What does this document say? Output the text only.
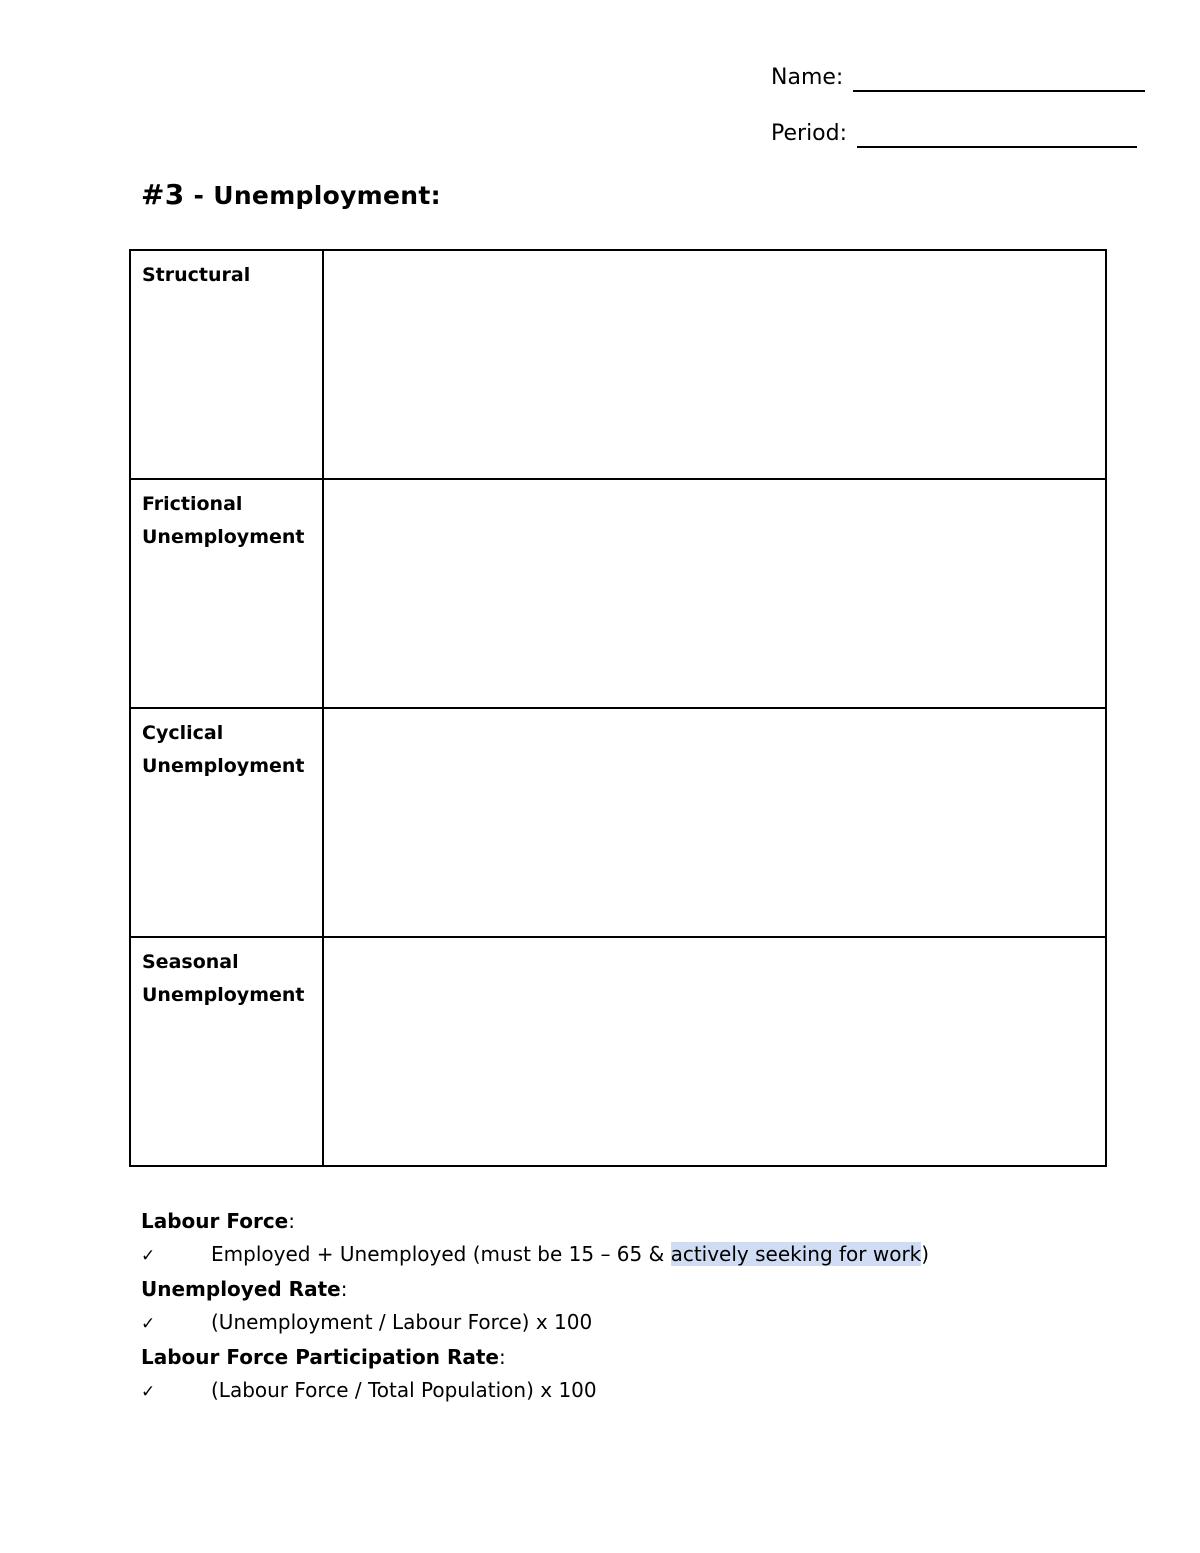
Name:
Period:
#3 - Unemployment:
Structural	

Frictional
Unemployment	

Cyclical
Unemployment	

Seasonal
Unemployment	

Labour Force:
✓	Employed + Unemployed (must be 15 – 65 & actively seeking for work)
Unemployed Rate:
✓	(Unemployment / Labour Force) x 100
Labour Force Participation Rate:
✓	(Labour Force / Total Population) x 100
